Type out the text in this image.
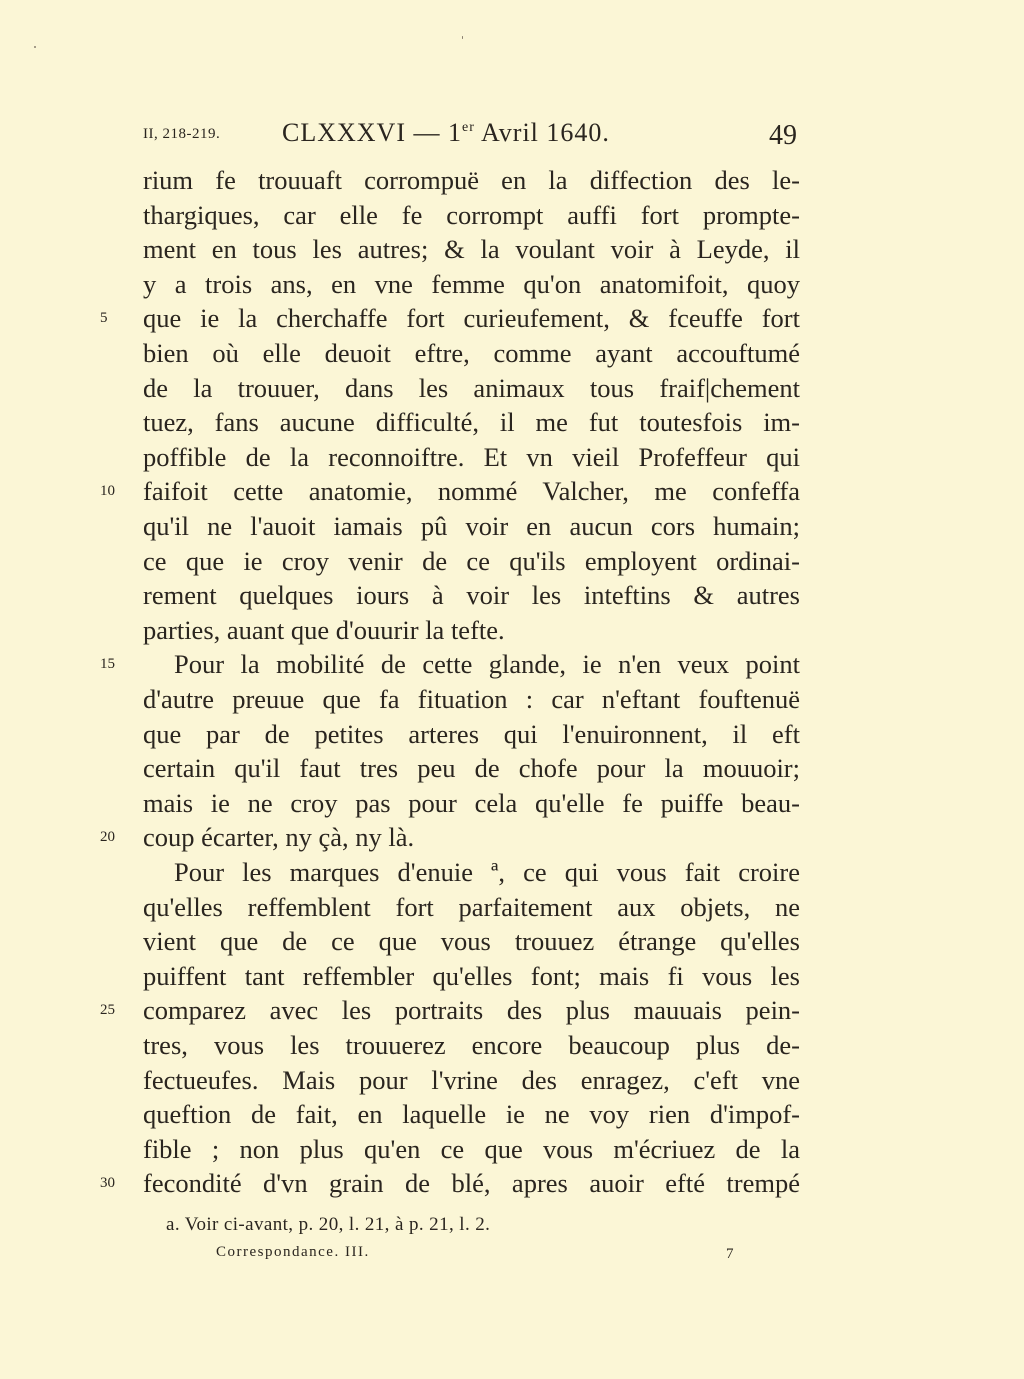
II, 218-219. CLXXXVI — 1er Avril 1640.	49
rium fe trouuaft corrompuë en la diffection des le-
thargiques, car elle fe corrompt auffi fort prompte-
ment en tous les autres; & la voulant voir à Leyde, il
y a trois ans, en vne femme qu'on anatomifoit, quoy
que ie la cherchaffe fort curieufement, & fceuffe fort
5
bien où elle deuoit eftre, comme ayant accouftumé
de la trouuer, dans les animaux tous fraif|chement
tuez, fans aucune difficulté, il me fut toutesfois im-
poffible de la reconnoiftre. Et vn vieil Profeffeur qui
faifoit cette anatomie, nommé Valcher, me confeffa
10
qu'il ne l'auoit iamais pû voir en aucun cors humain;
ce que ie croy venir de ce qu'ils employent ordinai-
rement quelques iours à voir les inteftins & autres
parties, auant que d'ouurir la tefte.
Pour la mobilité de cette glande, ie n'en veux point
15
d'autre preuue que fa fituation : car n'eftant fouftenuë
que par de petites arteres qui l'enuironnent, il eft
certain qu'il faut tres peu de chofe pour la mouuoir;
mais ie ne croy pas pour cela qu'elle fe puiffe beau-
coup écarter, ny çà, ny là.
20
Pour les marques d'enuie ª, ce qui vous fait croire
qu'elles reffemblent fort parfaitement aux objets, ne
vient que de ce que vous trouuez étrange qu'elles
puiffent tant reffembler qu'elles font; mais fi vous les
comparez avec les portraits des plus mauuais pein-
25
tres, vous les trouuerez encore beaucoup plus de-
fectueufes. Mais pour l'vrine des enragez, c'eft vne
queftion de fait, en laquelle ie ne voy rien d'impof-
fible ; non plus qu'en ce que vous m'écriuez de la
fecondité d'vn grain de blé, apres auoir efté trempé
30
a. Voir ci-avant, p. 20, l. 21, à p. 21, l. 2.
Correspondance. III.	7
